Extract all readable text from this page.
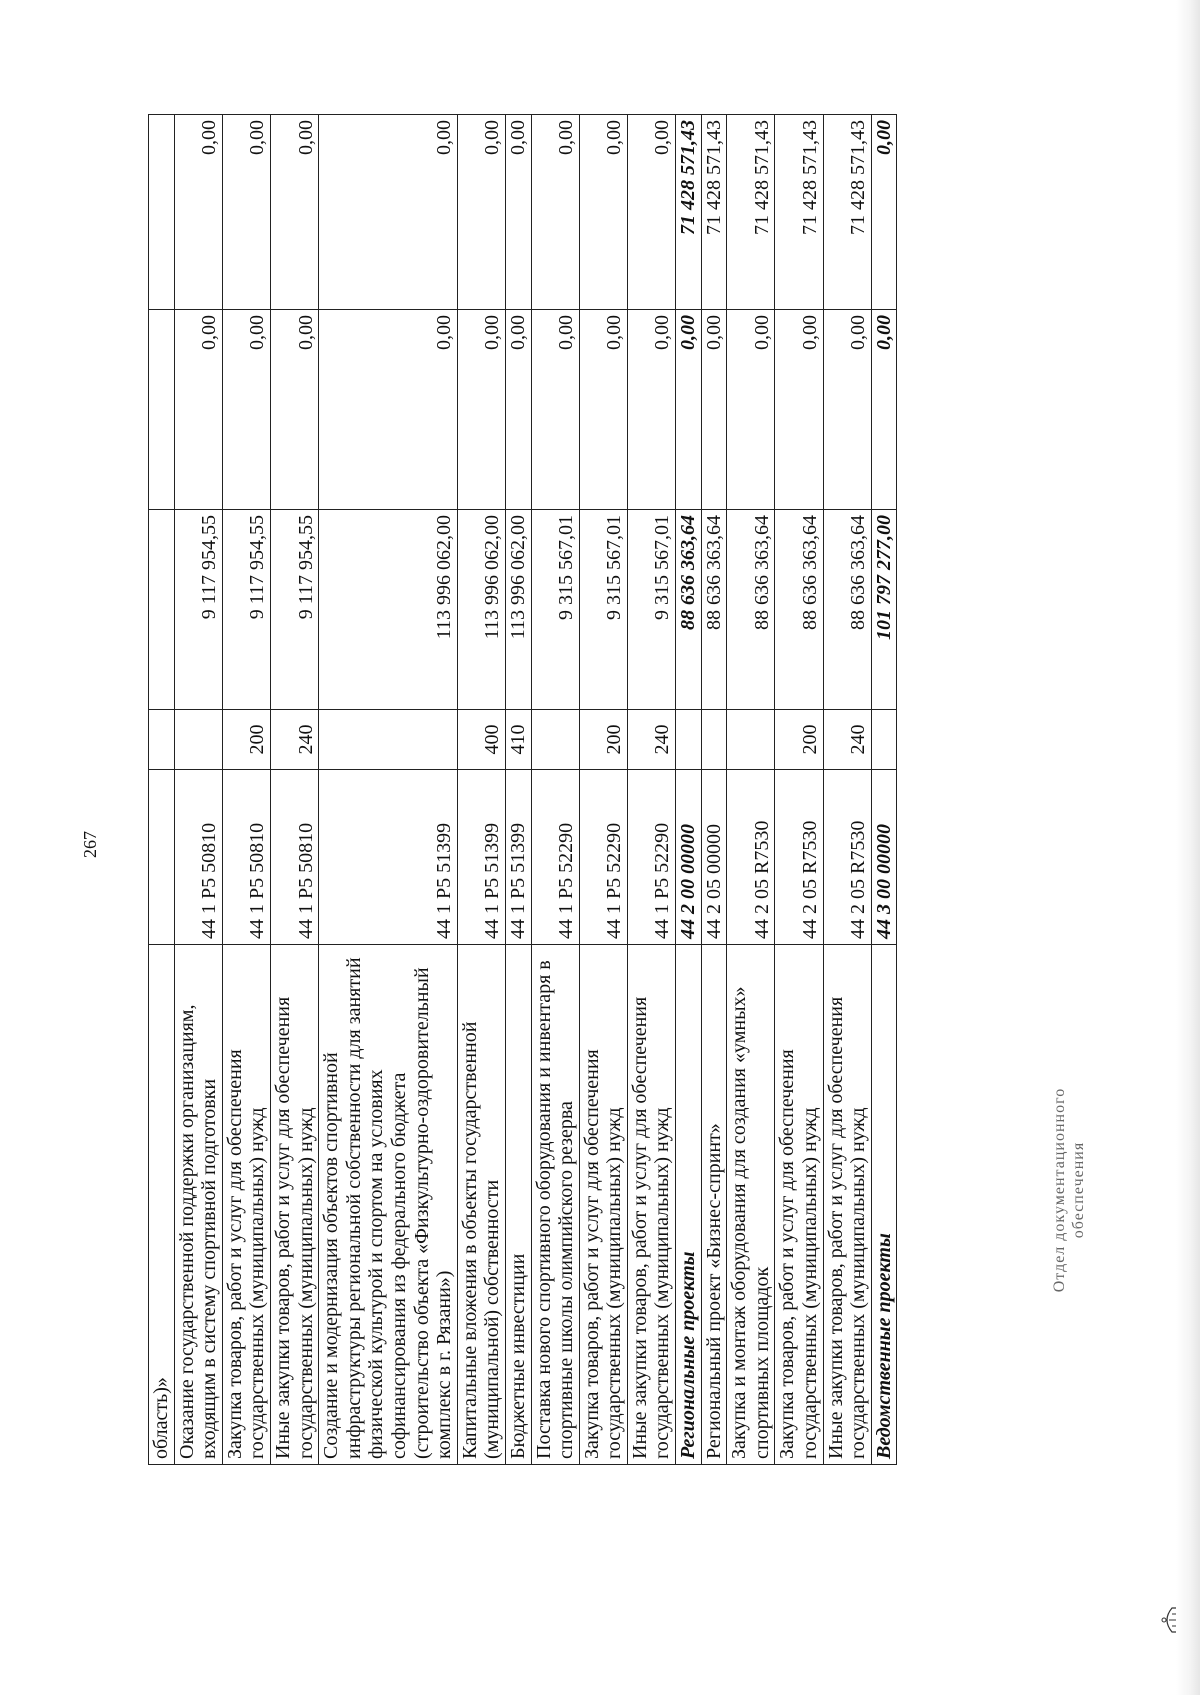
267
область)»					
Оказание государственной поддержки организациям, входящим в систему спортивной подготовки	44 1 P5 50810		9 117 954,55	0,00	0,00
Закупка товаров, работ и услуг для обеспечения государственных (муниципальных) нужд	44 1 P5 50810	200	9 117 954,55	0,00	0,00
Иные закупки товаров, работ и услуг для обеспечения государственных (муниципальных) нужд	44 1 P5 50810	240	9 117 954,55	0,00	0,00
Создание и модернизация объектов спортивной инфраструктуры региональной собственности для занятий физической культурой и спортом на условиях софинансирования из федерального бюджета (строительство объекта «Физкультурно-оздоровительный комплекс в г. Рязани»)	44 1 P5 51399		113 996 062,00	0,00	0,00
Капитальные вложения в объекты государственной (муниципальной) собственности	44 1 P5 51399	400	113 996 062,00	0,00	0,00
Бюджетные инвестиции	44 1 P5 51399	410	113 996 062,00	0,00	0,00
Поставка нового спортивного оборудования и инвентаря в спортивные школы олимпийского резерва	44 1 P5 52290		9 315 567,01	0,00	0,00
Закупка товаров, работ и услуг для обеспечения государственных (муниципальных) нужд	44 1 P5 52290	200	9 315 567,01	0,00	0,00
Иные закупки товаров, работ и услуг для обеспечения государственных (муниципальных) нужд	44 1 P5 52290	240	9 315 567,01	0,00	0,00
Региональные проекты	44 2 00 00000		88 636 363,64	0,00	71 428 571,43
Региональный проект «Бизнес-спринт»	44 2 05 00000		88 636 363,64	0,00	71 428 571,43
Закупка и монтаж оборудования для создания «умных» спортивных площадок	44 2 05 R7530		88 636 363,64	0,00	71 428 571,43
Закупка товаров, работ и услуг для обеспечения государственных (муниципальных) нужд	44 2 05 R7530	200	88 636 363,64	0,00	71 428 571,43
Иные закупки товаров, работ и услуг для обеспечения государственных (муниципальных) нужд	44 2 05 R7530	240	88 636 363,64	0,00	71 428 571,43
Ведомственные проекты	44 3 00 00000		101 797 277,00	0,00	0,00
Отдел документационного обеспечения
